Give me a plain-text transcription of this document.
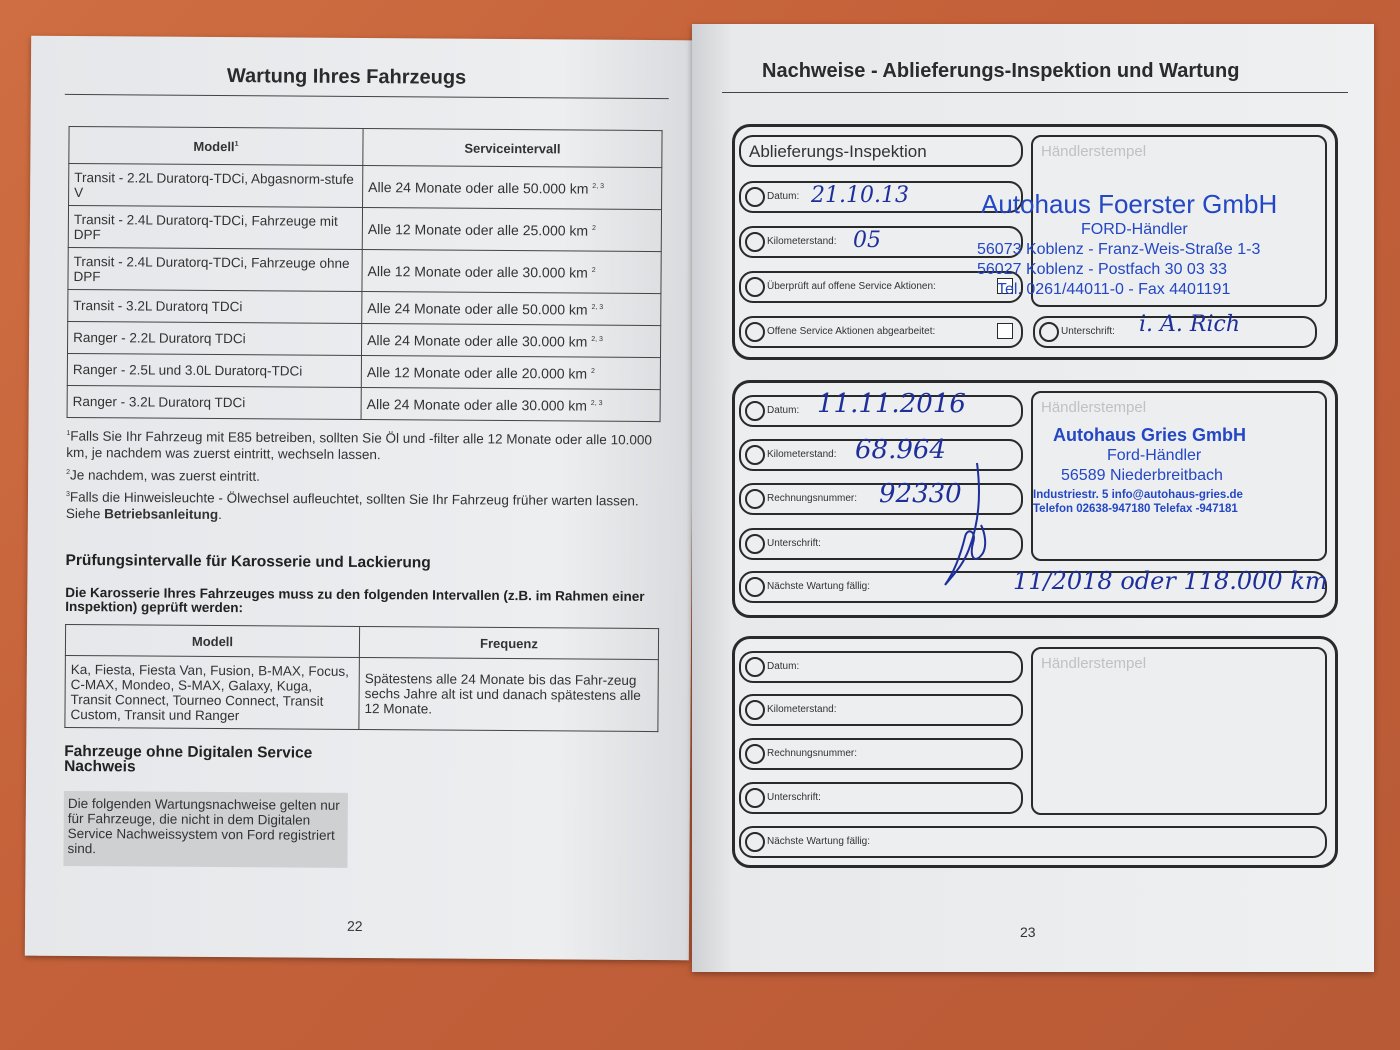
Wartung Ihres Fahrzeugs
Modell$^1$	Serviceintervall
Transit - 2.2L Duratorq-TDCi, Abgasnorm-stufe V	Alle 24 Monate oder alle 50.000 km $^{2, 3}$
Transit - 2.4L Duratorq-TDCi, Fahrzeuge mit DPF	Alle 12 Monate oder alle 25.000 km $^2$
Transit - 2.4L Duratorq-TDCi, Fahrzeuge ohne DPF	Alle 12 Monate oder alle 30.000 km $^2$
Transit - 3.2L Duratorq TDCi	Alle 24 Monate oder alle 50.000 km $^{2, 3}$
Ranger - 2.2L Duratorq TDCi	Alle 24 Monate oder alle 30.000 km $^{2, 3}$
Ranger - 2.5L und 3.0L Duratorq-TDCi	Alle 12 Monate oder alle 20.000 km $^2$
Ranger - 3.2L Duratorq TDCi	Alle 24 Monate oder alle 30.000 km $^{2, 3}$

$^1$Falls Sie Ihr Fahrzeug mit E85 betreiben, sollten Sie Öl und -filter alle 12 Monate oder alle 10.000 km, je nachdem was zuerst eintritt, wechseln lassen.

$^2$Je nachdem, was zuerst eintritt.

$^3$Falls die Hinweisleuchte - Ölwechsel aufleuchtet, sollten Sie Ihr Fahrzeug früher warten lassen. Siehe Betriebsanleitung.

Prüfungsintervalle für Karosserie und Lackierung
Die Karosserie Ihres Fahrzeuges muss zu den folgenden Intervallen (z.B. im Rahmen einer Inspektion) geprüft werden:
Modell	Frequenz
Ka, Fiesta, Fiesta Van, Fusion, B-MAX, Focus, C-MAX, Mondeo, S-MAX, Galaxy, Kuga, Transit Connect, Tourneo Connect, Transit Custom, Transit und Ranger	Spätestens alle 24 Monate bis das Fahr-zeug sechs Jahre alt ist und danach spätestens alle 12 Monate.
Fahrzeuge ohne Digitalen Service Nachweis
Die folgenden Wartungsnachweise gelten nur für Fahrzeuge, die nicht in dem Digitalen Service Nachweissystem von Ford registriert sind.
22
Nachweise - Ablieferungs-Inspektion und Wartung
Ablieferungs-Inspektion
Datum: 21.10.13
Kilometerstand: 05
Überprüft auf offene Service Aktionen:
Offene Service Aktionen abgearbeitet:
Händlerstempel
Autohaus Foerster GmbH
FORD-Händler
56073 Koblenz - Franz-Weis-Straße 1-3
56027 Koblenz - Postfach 30 03 33
Tel. 0261/44011-0 - Fax 4401191
Unterschrift: i. A. Rich
Datum: 11.11.2016
Kilometerstand: 68.964
Rechnungsnummer: 92330
Unterschrift:
Nächste Wartung fällig:	11/2018 oder 118.000 km
Händlerstempel
Autohaus Gries GmbH
Ford-Händler
56589 Niederbreitbach
Industriestr. 5 info@autohaus-gries.de
Telefon 02638-947180 Telefax -947181
Datum:
Kilometerstand:
Rechnungsnummer:
Unterschrift:
Nächste Wartung fällig:
Händlerstempel
23
